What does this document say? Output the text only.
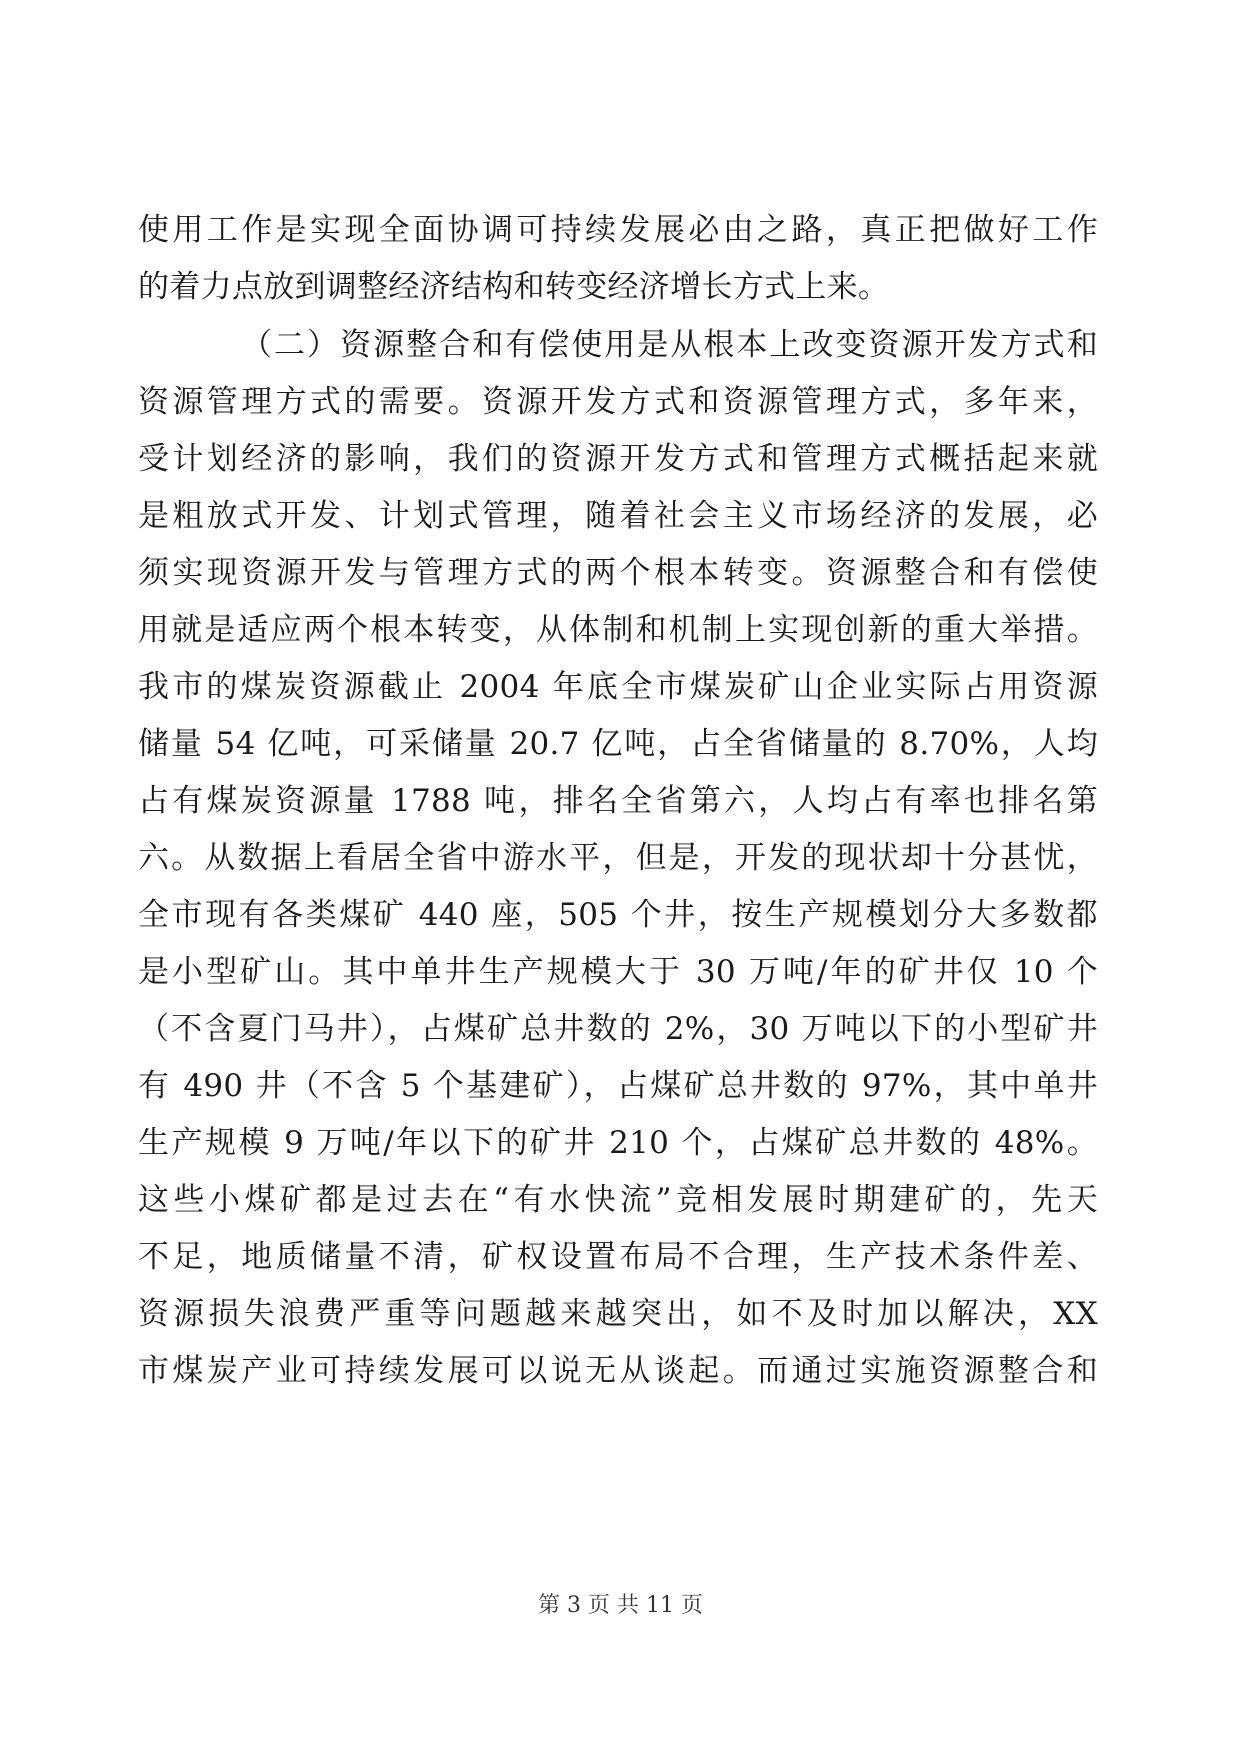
使用工作是实现全面协调可持续发展必由之路，真正把做好工作
的着力点放到调整经济结构和转变经济增长方式上来。
（二）资源整合和有偿使用是从根本上改变资源开发方式和
资源管理方式的需要。资源开发方式和资源管理方式，多年来，
受计划经济的影响，我们的资源开发方式和管理方式概括起来就
是粗放式开发、计划式管理，随着社会主义市场经济的发展，必
须实现资源开发与管理方式的两个根本转变。资源整合和有偿使
用就是适应两个根本转变，从体制和机制上实现创新的重大举措。
我市的煤炭资源截止 2004 年底全市煤炭矿山企业实际占用资源
储量 54 亿吨，可采储量 20.7 亿吨，占全省储量的 8.70%，人均
占有煤炭资源量 1788 吨，排名全省第六，人均占有率也排名第
六。从数据上看居全省中游水平，但是，开发的现状却十分甚忧，
全市现有各类煤矿 440 座，505 个井，按生产规模划分大多数都
是小型矿山。其中单井生产规模大于 30 万吨/年的矿井仅 10 个
（不含夏门马井），占煤矿总井数的 2%，30 万吨以下的小型矿井
有 490 井（不含 5 个基建矿），占煤矿总井数的 97%，其中单井
生产规模 9 万吨/年以下的矿井 210 个，占煤矿总井数的 48%。
这些小煤矿都是过去在“有水快流”竞相发展时期建矿的，先天
不足，地质储量不清，矿权设置布局不合理，生产技术条件差、
资源损失浪费严重等问题越来越突出，如不及时加以解决，XX
市煤炭产业可持续发展可以说无从谈起。而通过实施资源整合和
第 3 页 共 11 页
